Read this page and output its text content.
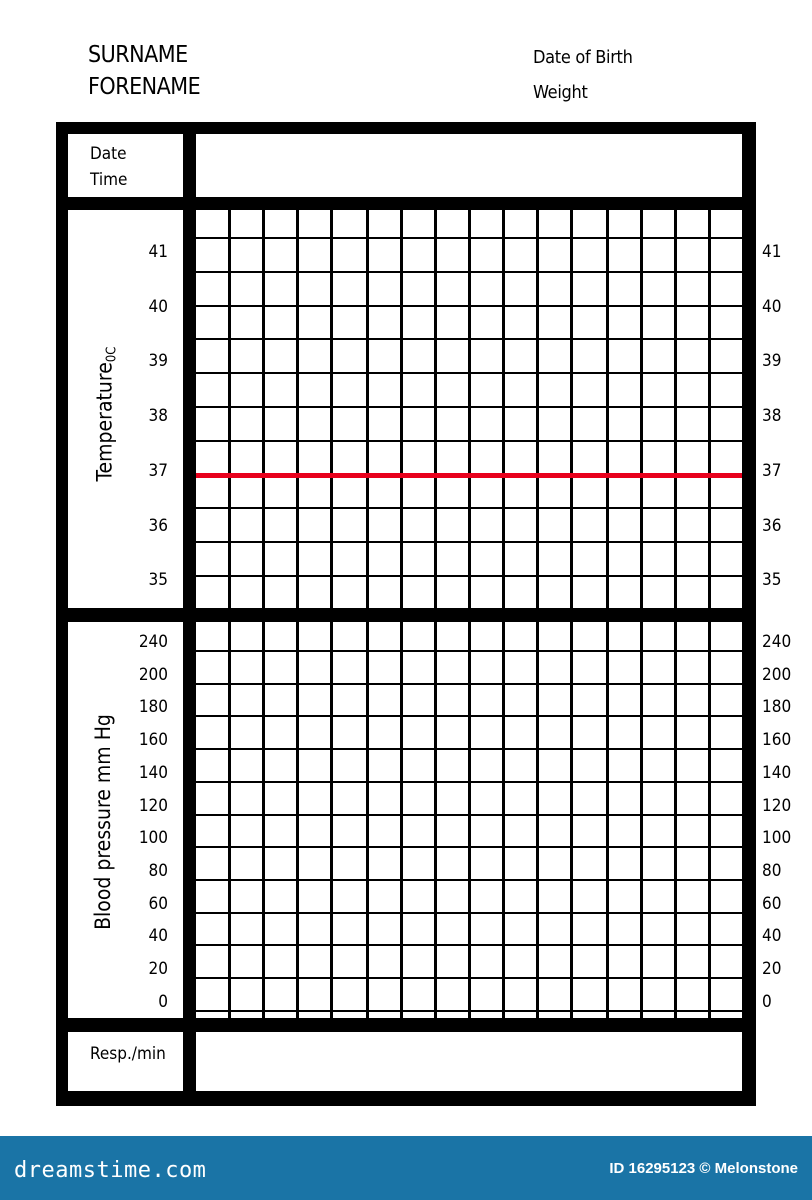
SURNAME
FORENAME
Date of Birth
Weight
Date
Time
Temperature$_{0C}$
41
40
39
38
37
36
35
41
40
39
38
37
36
35
Blood pressure mm Hg
240
200
180
160
140
120
100
80
60
40
20
0
240
200
180
160
140
120
100
80
60
40
20
0
Resp./min
dreamstime.com	ID 16295123 © Melonstone
